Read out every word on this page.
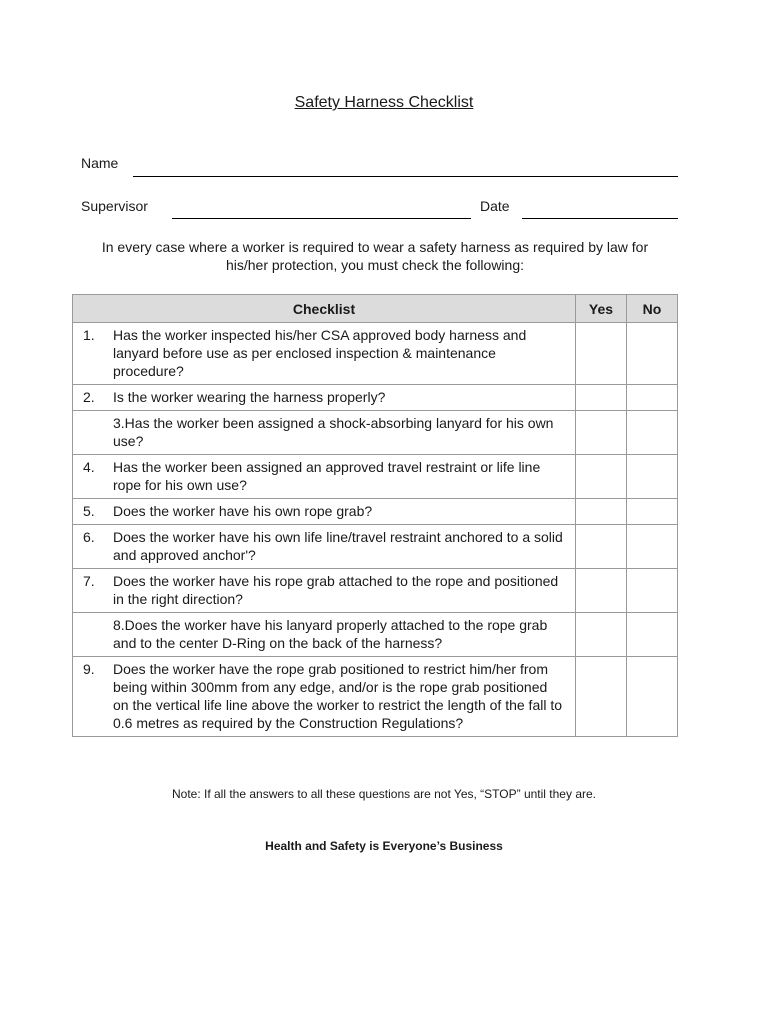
Safety Harness Checklist
Name
Supervisor	Date
In every case where a worker is required to wear a safety harness as required by law for his/her protection, you must check the following:
Checklist	Yes	No
1. Has the worker inspected his/her CSA approved body harness and lanyard before use as per enclosed inspection & maintenance procedure?		
2. Is the worker wearing the harness properly?		
3.Has the worker been assigned a shock-absorbing lanyard for his own use?		
4. Has the worker been assigned an approved travel restraint or life line rope for his own use?		
5. Does the worker have his own rope grab?		
6. Does the worker have his own life line/travel restraint anchored to a solid and approved anchor'?		
7. Does the worker have his rope grab attached to the rope and positioned in the right direction?		
8.Does the worker have his lanyard properly attached to the rope grab and to the center D-Ring on the back of the harness?		
9. Does the worker have the rope grab positioned to restrict him/her from being within 300mm from any edge, and/or is the rope grab positioned on the vertical life line above the worker to restrict the length of the fall to 0.6 metres as required by the Construction Regulations?		
Note: If all the answers to all these questions are not Yes, “STOP” until they are.
Health and Safety is Everyone’s Business
